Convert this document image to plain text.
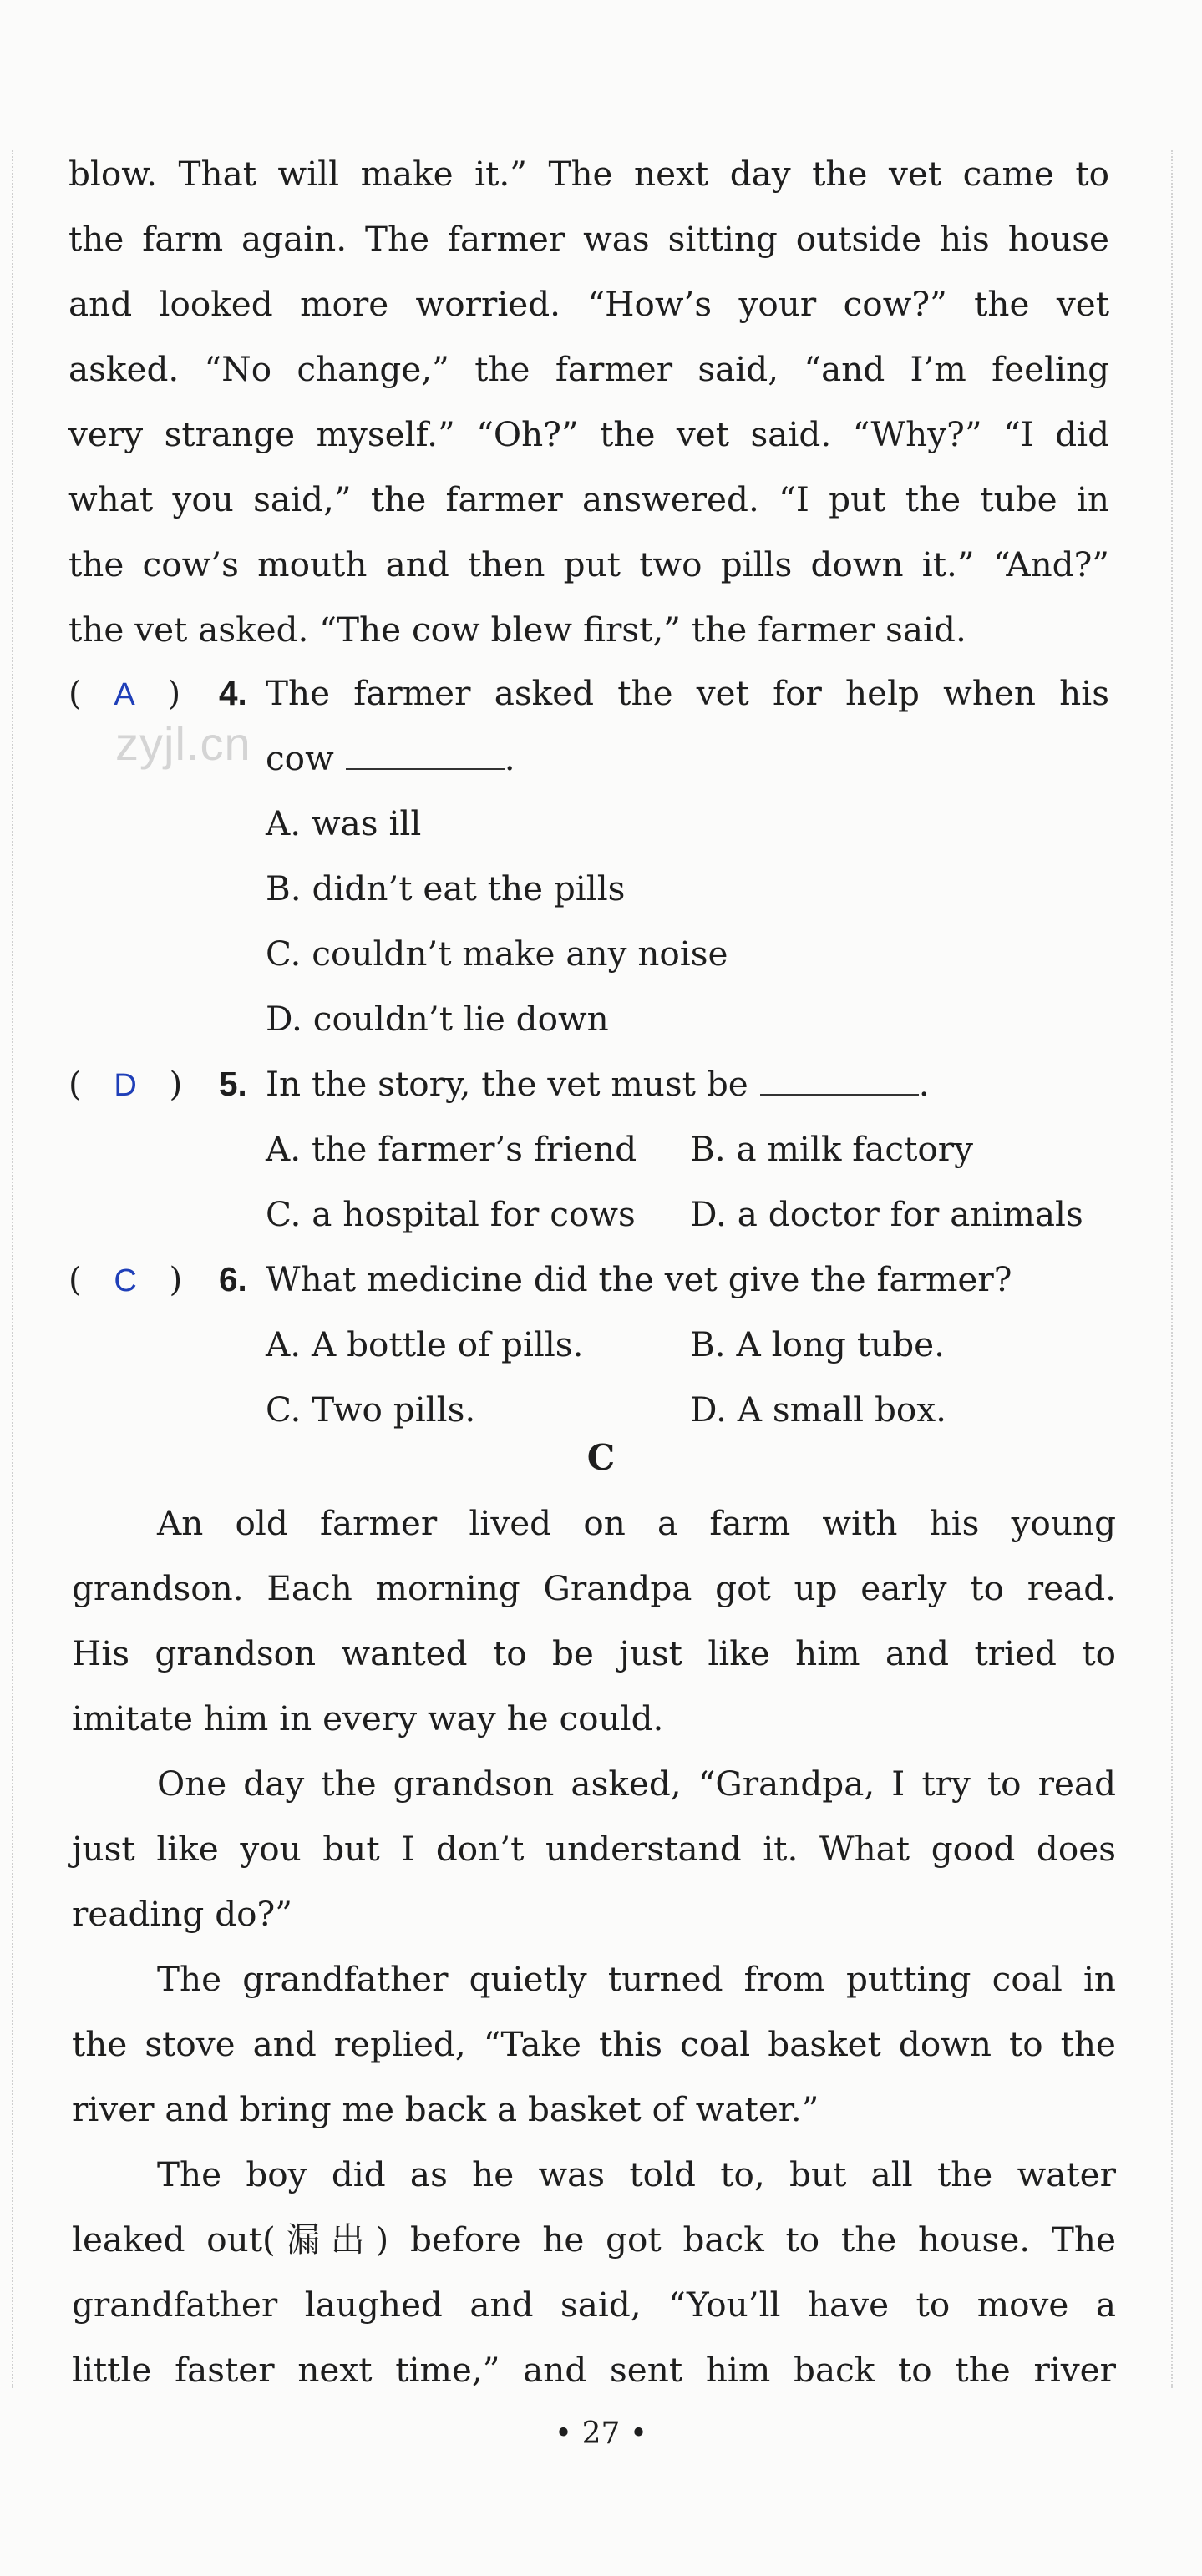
blow. That will make it.” The next day the vet came to
the farm again. The farmer was sitting outside his house
and looked more worried. “How’s your cow?” the vet
asked. “No change,” the farmer said, “and I’m feeling
very strange myself.” “Oh?” the vet said. “Why?” “I did
what you said,” the farmer answered. “I put the tube in
the cow’s mouth and then put two pills down it.” “And?”
the vet asked. “The cow blew first,” the farmer said.
zyjl.cn
(   A   ) 4. The farmer asked the vet for help when his
cow	.
A. was ill
B. didn’t eat the pills
C. couldn’t make any noise
D. couldn’t lie down
(   D   ) 5. In the story, the vet must be	.
A. the farmer’s friend B. a milk factory
C. a hospital for cows D. a doctor for animals
(   C   ) 6. What medicine did the vet give the farmer?
A. A bottle of pills.	B. A long tube.
C. Two pills.	D. A small box.
C
An old farmer lived on a farm with his young
grandson. Each morning Grandpa got up early to read.
His grandson wanted to be just like him and tried to
imitate him in every way he could.
One day the grandson asked, “Grandpa, I try to read
just like you but I don’t understand it. What good does
reading do?”
The grandfather quietly turned from putting coal in
the stove and replied, “Take this coal basket down to the
river and bring me back a basket of water.”
The boy did as he was told to, but all the water
leaked out(漏出) before he got back to the house. The
grandfather laughed and said, “You’ll have to move a
little faster next time,” and sent him back to the river
• 27 •
